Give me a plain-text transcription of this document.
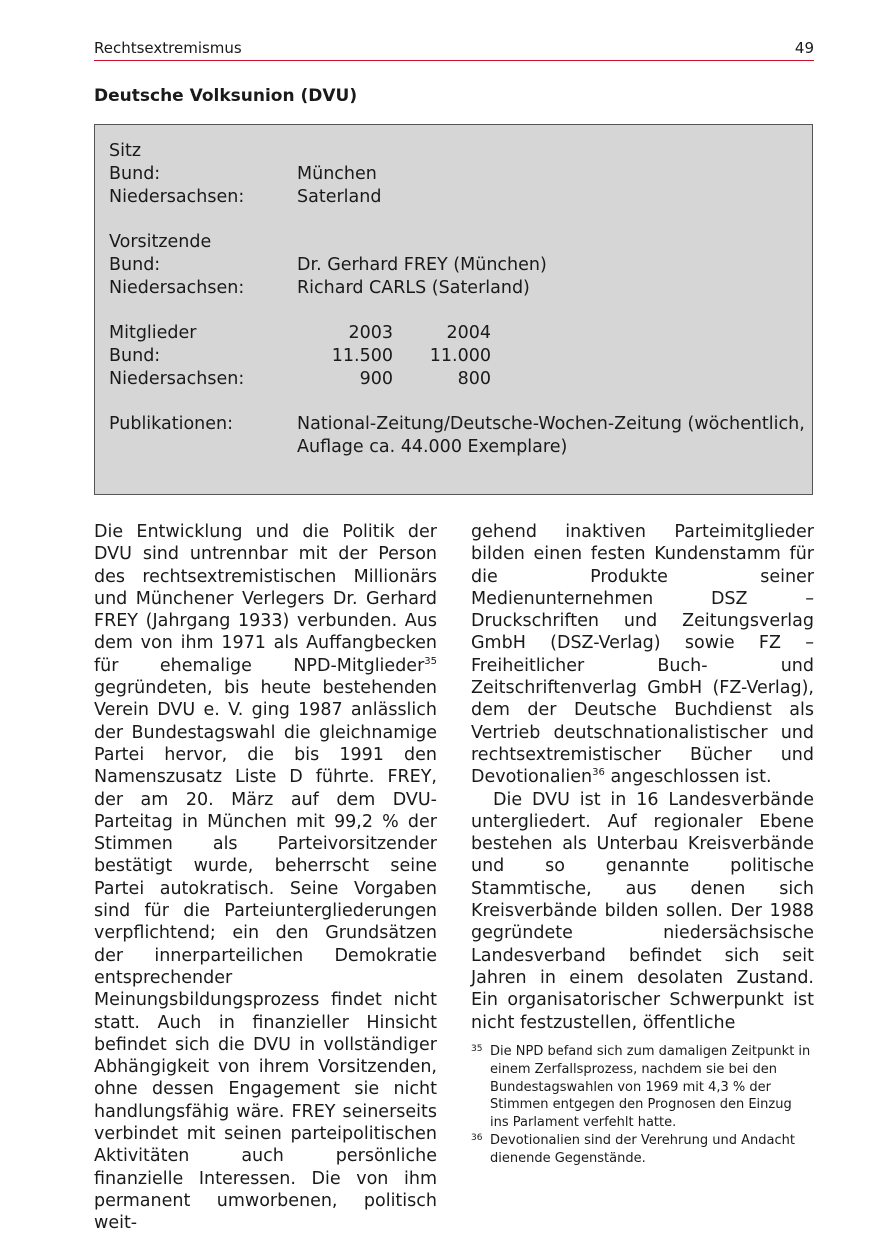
Rechtsextremismus	49
Deutsche Volksunion (DVU)
Sitz
Bund:	München
Niedersachsen:	Saterland
Vorsitzende
Bund:	Dr. Gerhard FREY (München)
Niedersachsen:	Richard CARLS (Saterland)
Mitglieder	2003	2004
Bund:	11.500	11.000
Niedersachsen:	900	800
Publikationen:	National-Zeitung/Deutsche-Wochen-Zeitung (wöchentlich, Auflage ca. 44.000 Exemplare)

Die Entwicklung und die Politik der DVU sind untrennbar mit der Person des rechtsextremistischen Millionärs und Münchener Verlegers Dr. Gerhard FREY (Jahrgang 1933) verbunden. Aus dem von ihm 1971 als Auffangbecken für ehemalige NPD-Mitglieder$^{35}$ gegründeten, bis heute bestehenden Verein DVU e. V. ging 1987 anlässlich der Bundestagswahl die gleichnamige Partei hervor, die bis 1991 den Namenszusatz Liste D führte. FREY, der am 20. März auf dem DVU-Parteitag in München mit 99,2 % der Stimmen als Parteivorsitzender bestätigt wurde, beherrscht seine Partei autokratisch. Seine Vorgaben sind für die Parteiuntergliederungen verpflichtend; ein den Grundsätzen der innerparteilichen Demokratie entsprechender Meinungsbildungsprozess findet nicht statt. Auch in finanzieller Hinsicht befindet sich die DVU in vollständiger Abhängigkeit von ihrem Vorsitzenden, ohne dessen Engagement sie nicht handlungsfähig wäre. FREY seinerseits verbindet mit seinen parteipolitischen Aktivitäten auch persönliche finanzielle Interessen. Die von ihm permanent umworbenen, politisch weit-

gehend inaktiven Parteimitglieder bilden einen festen Kundenstamm für die Produkte seiner Medienunternehmen DSZ – Druckschriften und Zeitungsverlag GmbH (DSZ-Verlag) sowie FZ – Freiheitlicher Buch- und Zeitschriftenverlag GmbH (FZ-Verlag), dem der Deutsche Buchdienst als Vertrieb deutschnationalistischer und rechtsextremistischer Bücher und Devotionalien$^{36}$ angeschlossen ist.

Die DVU ist in 16 Landesverbände untergliedert. Auf regionaler Ebene bestehen als Unterbau Kreisverbände und so genannte politische Stammtische, aus denen sich Kreisverbände bilden sollen. Der 1988 gegründete niedersächsische Landesverband befindet sich seit Jahren in einem desolaten Zustand. Ein organisatorischer Schwerpunkt ist nicht festzustellen, öffentliche

35 Die NPD befand sich zum damaligen Zeitpunkt in einem Zerfallsprozess, nachdem sie bei den Bundestagswahlen von 1969 mit 4,3 % der Stimmen entgegen den Prognosen den Einzug ins Parlament verfehlt hatte.

36 Devotionalien sind der Verehrung und Andacht dienende Gegenstände.
